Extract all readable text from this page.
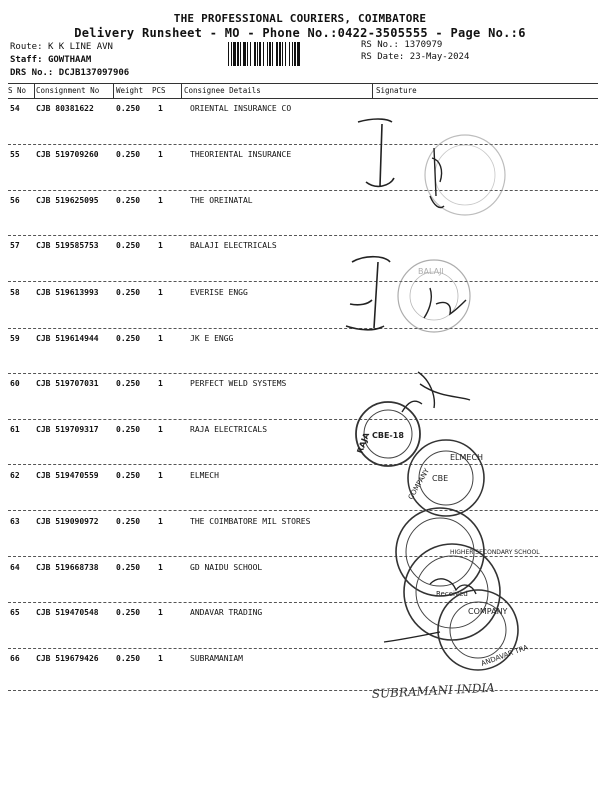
THE PROFESSIONAL COURIERS, COIMBATORE
Delivery Runsheet - MO - Phone No.:0422-3505555 - Page No.:6
Route: K K LINE AVN
Staff: GOWTHAAM
DRS No.: DCJB137097906
RS No.: 1370979
RS Date: 23-May-2024
S No Consignment No Weight PCS Consignee Details	Signature
54 CJB 80381622	0.250 1	ORIENTAL INSURANCE CO
55 CJB 519709260 0.250 1	THEORIENTAL INSURANCE
56 CJB 519625095 0.250 1	THE OREINATAL
57 CJB 519585753 0.250 1	BALAJI ELECTRICALS
58 CJB 519613993 0.250 1	EVERISE ENGG
59 CJB 519614944 0.250 1	JK E ENGG
60 CJB 519707031 0.250 1	PERFECT WELD SYSTEMS
61 CJB 519709317 0.250 1	RAJA ELECTRICALS
62 CJB 519470559 0.250 1	ELMECH
63 CJB 519090972 0.250 1	THE COIMBATORE MIL STORES
64 CJB 519668738 0.250 1	GD NAIDU SCHOOL
65 CJB 519470548 0.250 1	ANDAVAR TRADING
66 CJB 519679426 0.250 1	SUBRAMANIAM
BALAJI
RAJA CBE-18
ELMECH
CBE
COMPANY
HIGHER SECONDARY SCHOOL
Received
COMPANY
ANDAVAR TRA
SUBRAMANI INDIA
